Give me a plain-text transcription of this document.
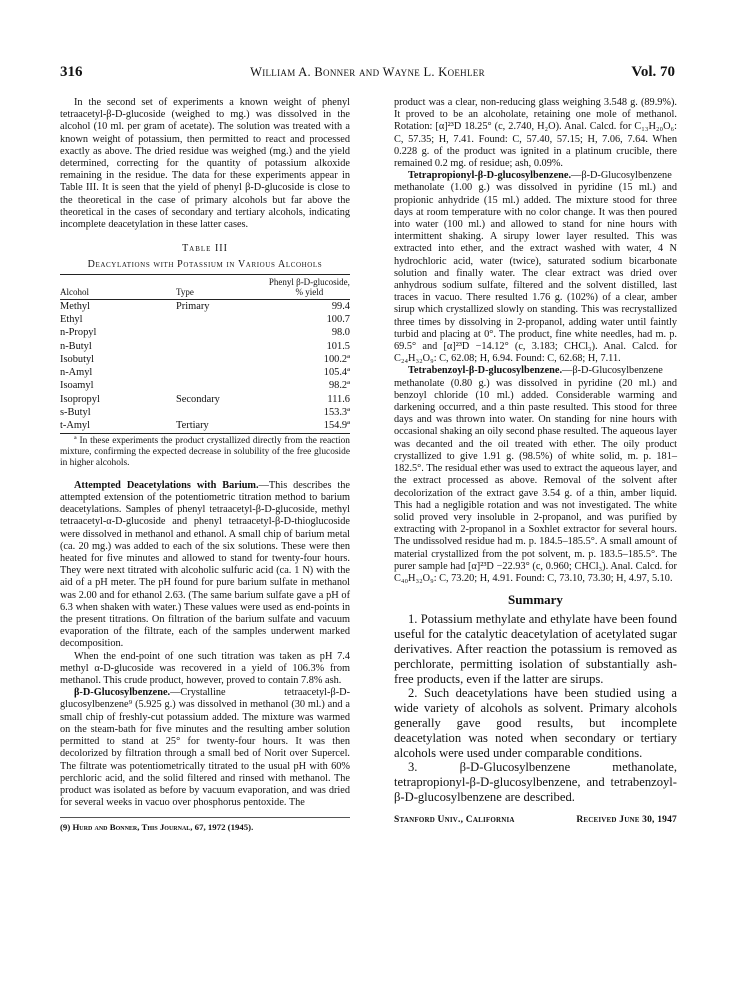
316	William A. Bonner and Wayne L. Koehler	Vol. 70

In the second set of experiments a known weight of phenyl tetraacetyl-β-D-glucoside (weighed to mg.) was dissolved in the alcohol (10 ml. per gram of acetate). The solution was treated with a known weight of potassium, then permitted to react and processed exactly as above. The dried residue was weighed (mg.) and the yield determined, correcting for the quantity of potassium alkoxide remaining in the residue. The data for these experiments appear in Table III. It is seen that the yield of phenyl β-D-glucoside is close to the theoretical in the case of primary alcohols but far above the theoretical in the cases of secondary and tertiary alcohols, indicating incomplete deacetylation in these latter cases.

Table III
Deacylations with Potassium in Various Alcohols
Alcohol	Type	Phenyl β-D-glucoside, % yield
Methyl	Primary	99.4
Ethyl		100.7
n-Propyl		98.0
n-Butyl		101.5
Isobutyl		100.2ª
n-Amyl		105.4ª
Isoamyl		98.2ª
Isopropyl	Secondary	111.6
s-Butyl		153.3ª
t-Amyl	Tertiary	154.9ª

ª In these experiments the product crystallized directly from the reaction mixture, confirming the expected decrease in solubility of the free glucoside in higher alcohols.

Attempted Deacetylations with Barium.—This describes the attempted extension of the potentiometric titration method to barium deacetylations. Samples of phenyl tetraacetyl-β-D-glucoside, methyl tetraacetyl-α-D-glucoside and phenyl tetraacetyl-β-D-thioglucoside were dissolved in methanol and ethanol. A small chip of barium metal (ca. 20 mg.) was added to each of the six solutions. These were then heated for five minutes and allowed to stand for twenty-four hours. They were next titrated with alcoholic sulfuric acid (ca. 1 N) with the aid of a pH meter. The pH found for pure barium sulfate in methanol was 2.00 and for ethanol 2.63. (The same barium sulfate gave a pH of 6.3 when shaken with water.) These values were used as end-points in the present titrations. On filtration of the barium sulfate and vacuum evaporation of the filtrate, each of the samples underwent marked decomposition.

When the end-point of one such titration was taken as pH 7.4 methyl α-D-glucoside was recovered in a yield of 106.3% from methanol. This crude product, however, proved to contain 7.8% ash.

β-D-Glucosylbenzene.—Crystalline tetraacetyl-β-D-glucosylbenzene⁹ (5.925 g.) was dissolved in methanol (30 ml.) and a small chip of freshly-cut potassium added. The mixture was warmed on the steam-bath for five minutes and the resulting amber solution permitted to stand at 25° for twenty-four hours. It was then decolorized by filtration through a small bed of Norit over Supercel. The filtrate was potentiometrically titrated to the usual pH with 60% perchloric acid, and the solid filtered and rinsed with methanol. The product was isolated as before by vacuum evaporation, and was dried for several weeks in vacuo over phosphorus pentoxide. The

(9) Hurd and Bonner, This Journal, 67, 1972 (1945).

product was a clear, non-reducing glass weighing 3.548 g. (89.9%). It proved to be an alcoholate, retaining one mole of methanol. Rotation: [α]²³D 18.25° (c, 2.740, H₂O). Anal. Calcd. for C₁₃H₂₀O₆: C, 57.35; H, 7.41. Found: C, 57.40, 57.15; H, 7.06, 7.64. When 0.228 g. of the product was ignited in a platinum crucible, there remained 0.2 mg. of residue; ash, 0.09%.

Tetrapropionyl-β-D-glucosylbenzene.—β-D-Glucosylbenzene methanolate (1.00 g.) was dissolved in pyridine (15 ml.) and propionic anhydride (15 ml.) added. The mixture stood for three days at room temperature with no color change. It was then poured into water (100 ml.) and allowed to stand for nine hours with intermittent shaking. A sirupy lower layer resulted. This was extracted into ether, and the extract washed with water, 4 N hydrochloric acid, water (twice), saturated sodium bicarbonate solution and finally water. The clear extract was dried over anhydrous sodium sulfate, filtered and the solvent distilled, last traces in vacuo. There resulted 1.76 g. (102%) of a clear, amber sirup which crystallized slowly on standing. This was recrystallized three times by dissolving in 2-propanol, adding water until faintly turbid and placing at 0°. The product, fine white needles, had m. p. 69.5° and [α]²³D −14.12° (c, 3.183; CHCl₃). Anal. Calcd. for C₂₄H₃₂O₉: C, 62.08; H, 6.94. Found: C, 62.68; H, 7.11.

Tetrabenzoyl-β-D-glucosylbenzene.—β-D-Glucosylbenzene methanolate (0.80 g.) was dissolved in pyridine (20 ml.) and benzoyl chloride (10 ml.) added. Considerable warming and darkening occurred, and a thin paste resulted. This stood for three days and was thrown into water. On standing for nine hours with occasional shaking an oily second phase resulted. The aqueous layer was decanted and the oil treated with ether. The oily product crystallized to give 1.91 g. (98.5%) of white solid, m. p. 181–182.5°. The residual ether was used to extract the aqueous layer, and the extract processed as above. Removal of the solvent after decolorization of the extract gave 3.54 g. of a thin, amber liquid. This had a negligible rotation and was not investigated. The white solid proved very insoluble in 2-propanol, and was purified by extracting with 2-propanol in a Soxhlet extractor for several hours. The undissolved residue had m. p. 184.5–185.5°. A small amount of material crystallized from the pot solvent, m. p. 183.5–185.5°. The purer sample had [α]²³D −22.93° (c, 0.960; CHCl₃). Anal. Calcd. for C₄₀H₃₂O₉: C, 73.20; H, 4.91. Found: C, 73.10, 73.30; H, 4.97, 5.10.

Summary

1. Potassium methylate and ethylate have been found useful for the catalytic deacetylation of acetylated sugar derivatives. After reaction the potassium is removed as perchlorate, permitting isolation of substantially ash-free products, even if the latter are sirups.

2. Such deacetylations have been studied using a wide variety of alcohols as solvent. Primary alcohols generally gave good results, but incomplete deacetylation was noted when secondary or tertiary alcohols were used under comparable conditions.

3. β-D-Glucosylbenzene methanolate, tetrapropionyl-β-D-glucosylbenzene, and tetrabenzoyl-β-D-glucosylbenzene are described.

Stanford Univ., California	Received June 30, 1947
